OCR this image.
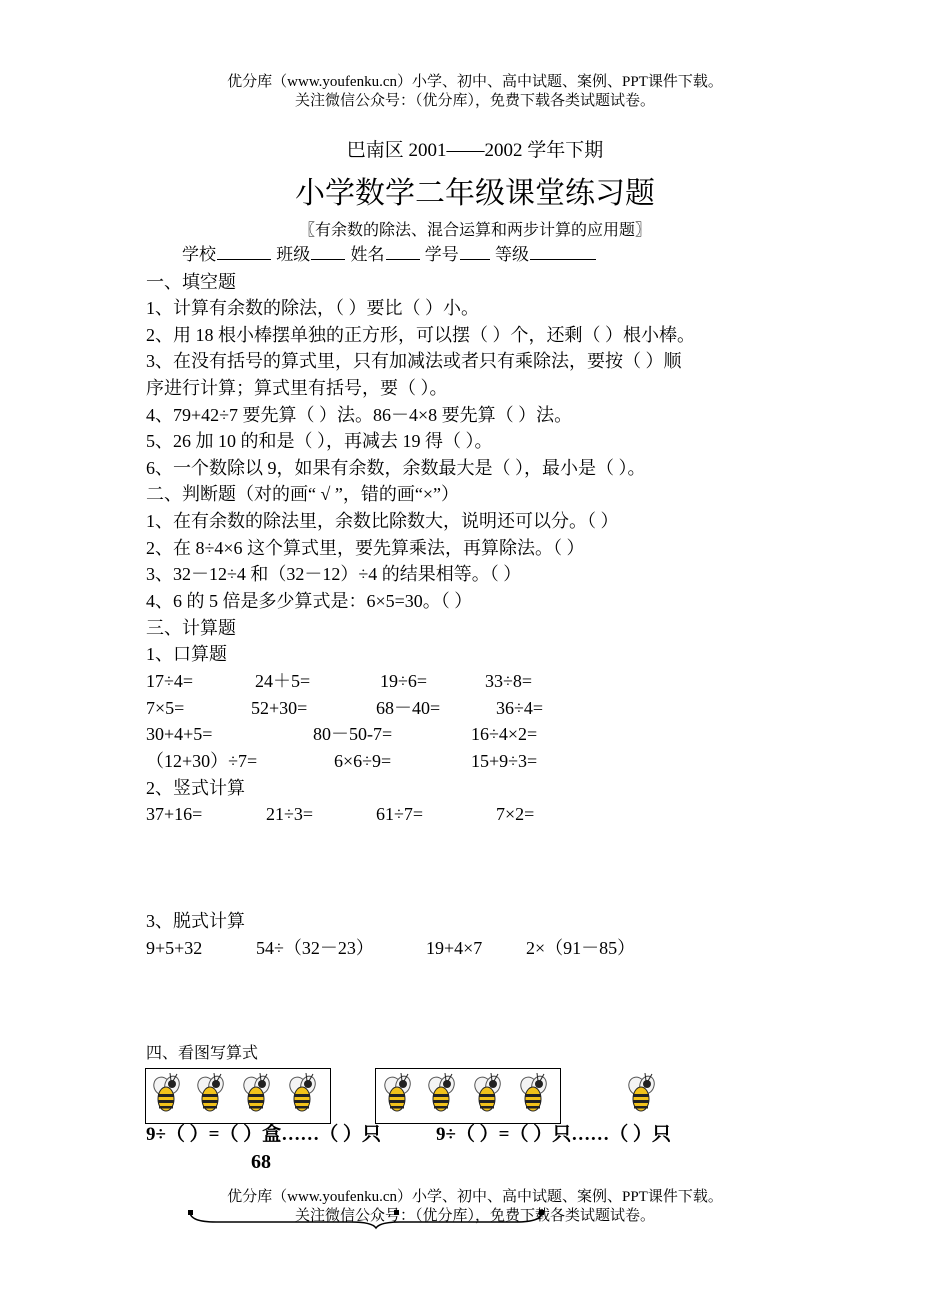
优分库（www.youfenku.cn）小学、初中、高中试题、案例、PPT课件下载。
关注微信公众号：（优分库），免费下载各类试题试卷。
巴南区 2001——2002 学年下期
小学数学二年级课堂练习题
〖有余数的除法、混合运算和两步计算的应用题〗
学校	班级 姓名 学号 等级
一、填空题
1、计算有余数的除法，（ ）要比（ ）小。
2、用 18 根小棒摆单独的正方形，可以摆（ ）个，还剩（ ）根小棒。
3、在没有括号的算式里，只有加减法或者只有乘除法，要按（ ）顺
序进行计算；算式里有括号，要（ ）。
4、79+42÷7 要先算（ ）法。86－4×8 要先算（ ）法。
5、26 加 10 的和是（ ），再减去 19 得（ ）。
6、一个数除以 9，如果有余数，余数最大是（ ），最小是（ ）。
二、判断题（对的画“ √ ”，错的画“×”）
1、在有余数的除法里，余数比除数大，说明还可以分。（ ）
2、在 8÷4×6 这个算式里，要先算乘法，再算除法。（ ）
3、32－12÷4 和（32－12）÷4 的结果相等。（ ）
4、6 的 5 倍是多少算式是：6×5=30。（ ）
三、计算题
1、口算题
17÷4=	24＋5=	19÷6=	33÷8=
7×5=	52+30=	68－40=	36÷4=
30+4+5=	80－50-7=	16÷4×2=
（12+30）÷7=	6×6÷9=	15+9÷3=
2、竖式计算
37+16=	21÷3=	61÷7=	7×2=
3、脱式计算
9+5+32	54÷（32－23）	19+4×7 2×（91－85）
四、看图写算式
9÷（ ）=（ ）盒……（ ）只	9÷（ ）=（ ）只……（ ）只
68
优分库（www.youfenku.cn）小学、初中、高中试题、案例、PPT课件下载。
关注微信公众号：（优分库），免费下载各类试题试卷。
